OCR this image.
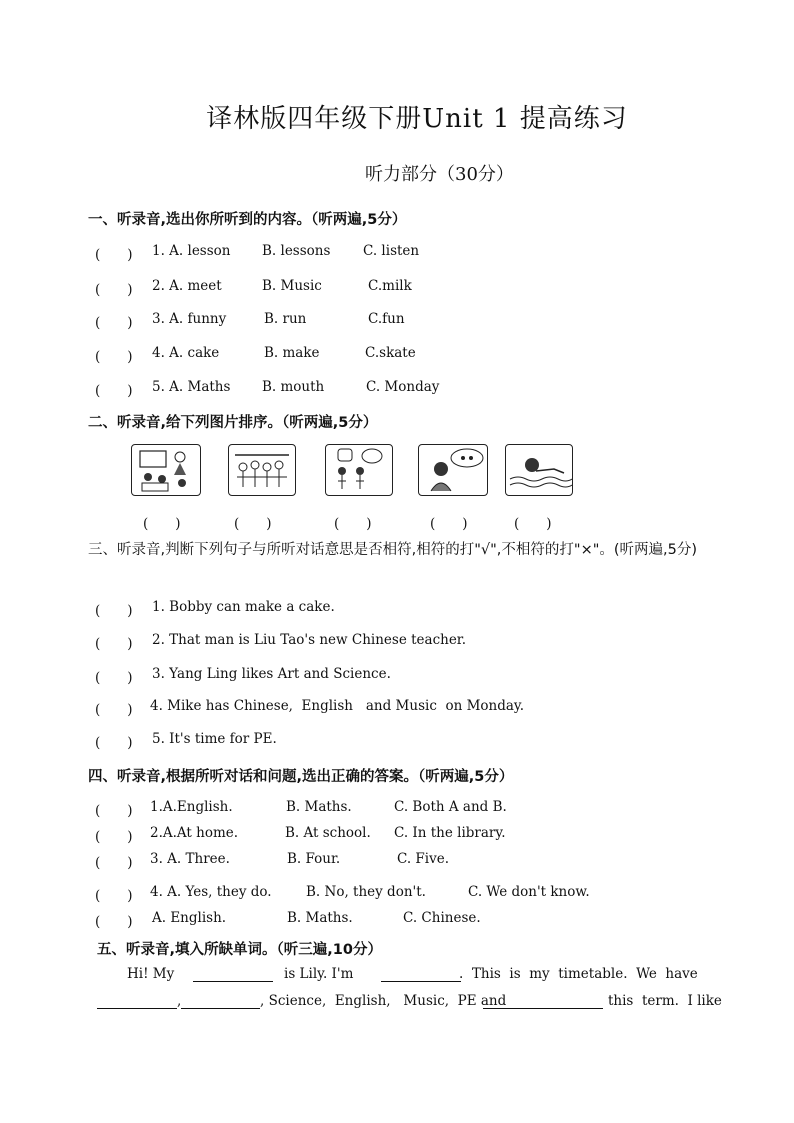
译林版四年级下册Unit 1 提高练习
听力部分（30分）
一、听录音,选出你所听到的内容。（听两遍,5分）
(　　)	1. A. lesson B. lessons C. listen
(　　)	2. A. meet	B. Music	C.milk
(　　)	3. A. funny	B. run	C.fun
(　　)	4. A. cake	B. make	C.skate
(　　)	5. A. Maths B. mouth	C. Monday
二、听录音,给下列图片排序。（听两遍,5分）
(　　)	(　　)	(　　)	(　　)	(　　)
三、听录音,判断下列句子与所听对话意思是否相符,相符的打"√",不相符的打"×"。(听两遍,5分)
(　　)	1. Bobby can make a cake.
(　　)	2. That man is Liu Tao's new Chinese teacher.
(　　)	3. Yang Ling likes Art and Science.
(　　)	4. Mike has Chinese,  English   and Music  on Monday.
(　　)	5. It's time for PE.
四、听录音,根据所听对话和问题,选出正确的答案。（听两遍,5分）
(　　)	1.A.English.	B. Maths.	C. Both A and B.
(　　)	2.A.At home.	B. At school. C. In the library.
(　　)	3. A. Three.	B. Four.	C. Five.
(　　)	4. A. Yes, they do.	B. No, they don't.	C. We don't know.
(　　)	A. English.	B. Maths.	C. Chinese.
五、听录音,填入所缺单词。（听三遍,10分）
Hi! My	is Lily. I'm	.  This  is  my  timetable.  We  have
,	, Science,  English,   Music,  PE and	this  term.  I like
